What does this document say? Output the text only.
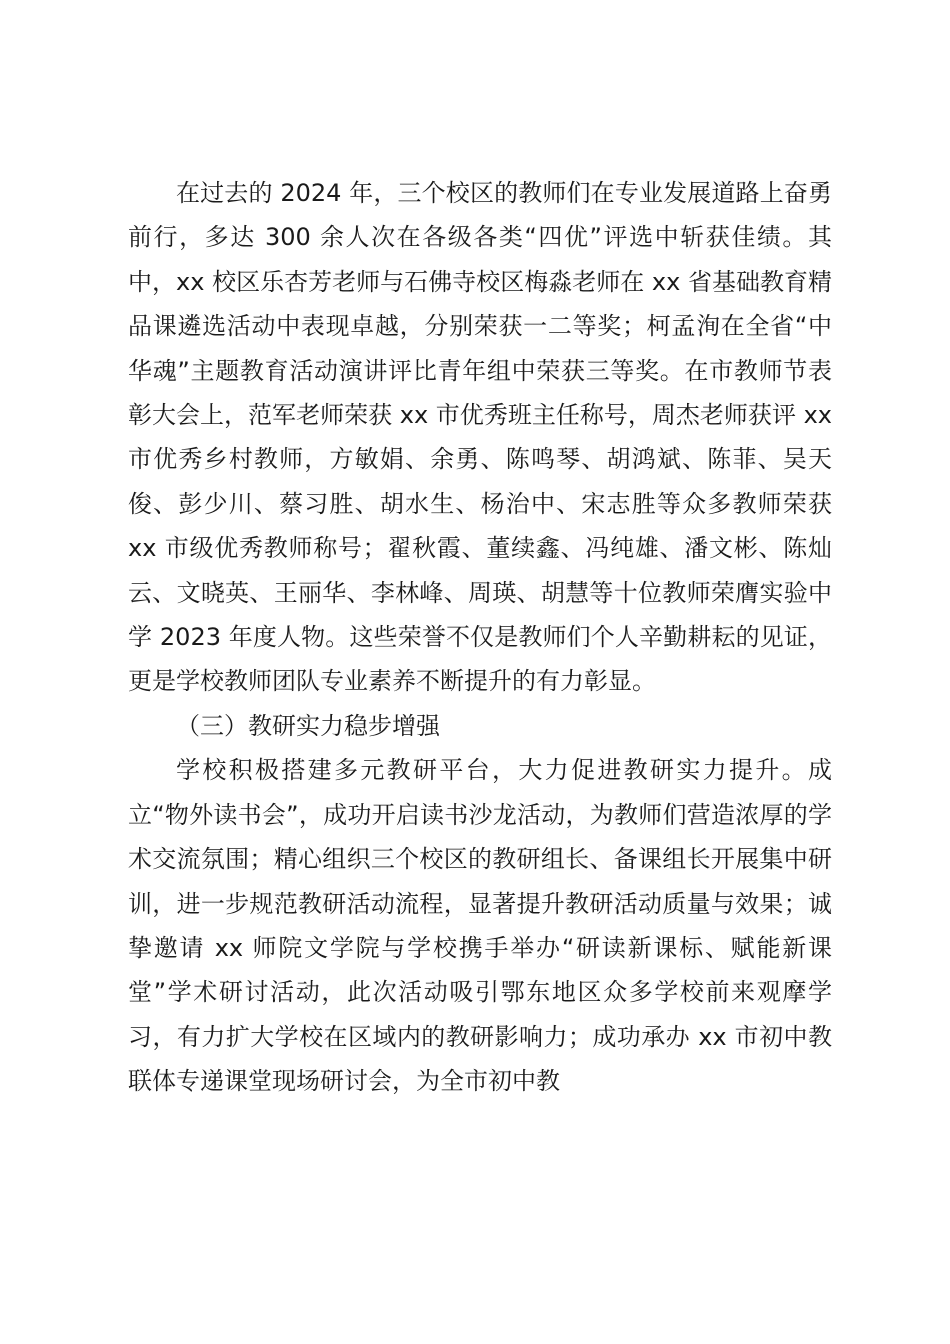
在过去的 2024 年，三个校区的教师们在专业发展道路上奋勇前行，多达 300 余人次在各级各类“四优”评选中斩获佳绩。其中，xx 校区乐杏芳老师与石佛寺校区梅淼老师在 xx 省基础教育精品课遴选活动中表现卓越，分别荣获一二等奖；柯孟洵在全省“中华魂”主题教育活动演讲评比青年组中荣获三等奖。在市教师节表彰大会上，范军老师荣获 xx 市优秀班主任称号，周杰老师获评 xx 市优秀乡村教师，方敏娟、余勇、陈鸣琴、胡鸿斌、陈菲、吴天俊、彭少川、蔡习胜、胡水生、杨治中、宋志胜等众多教师荣获 xx 市级优秀教师称号；翟秋霞、董续鑫、冯纯雄、潘文彬、陈灿云、文晓英、王丽华、李林峰、周瑛、胡慧等十位教师荣膺实验中学 2023 年度人物。这些荣誉不仅是教师们个人辛勤耕耘的见证，更是学校教师团队专业素养不断提升的有力彰显。

（三）教研实力稳步增强

学校积极搭建多元教研平台，大力促进教研实力提升。成立“物外读书会”，成功开启读书沙龙活动，为教师们营造浓厚的学术交流氛围；精心组织三个校区的教研组长、备课组长开展集中研训，进一步规范教研活动流程，显著提升教研活动质量与效果；诚挚邀请 xx 师院文学院与学校携手举办“研读新课标、赋能新课堂”学术研讨活动，此次活动吸引鄂东地区众多学校前来观摩学习，有力扩大学校在区域内的教研影响力；成功承办 xx 市初中教联体专递课堂现场研讨会，为全市初中教
